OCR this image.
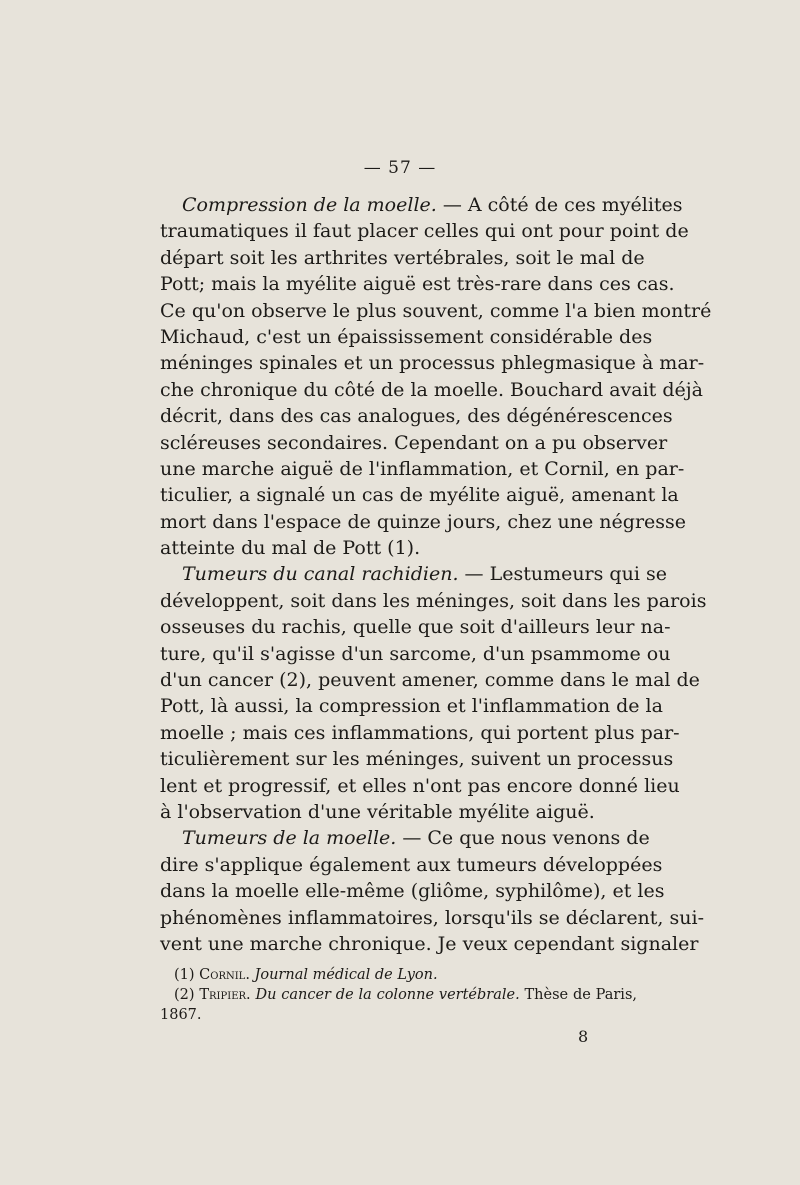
— 57 —
Compression de la moelle. — A côté de ces myélites
traumatiques il faut placer celles qui ont pour point de
départ soit les arthrites vertébrales, soit le mal de
Pott; mais la myélite aiguë est très-rare dans ces cas.
Ce qu'on observe le plus souvent, comme l'a bien montré
Michaud, c'est un épaississement considérable des
méninges spinales et un processus phlegmasique à mar-
che chronique du côté de la moelle. Bouchard avait déjà
décrit, dans des cas analogues, des dégénérescences
scléreuses secondaires. Cependant on a pu observer
une marche aiguë de l'inflammation, et Cornil, en par-
ticulier, a signalé un cas de myélite aiguë, amenant la
mort dans l'espace de quinze jours, chez une négresse
atteinte du mal de Pott (1).
Tumeurs du canal rachidien. — Lestumeurs qui se
développent, soit dans les méninges, soit dans les parois
osseuses du rachis, quelle que soit d'ailleurs leur na-
ture, qu'il s'agisse d'un sarcome, d'un psammome ou
d'un cancer (2), peuvent amener, comme dans le mal de
Pott, là aussi, la compression et l'inflammation de la
moelle ; mais ces inflammations, qui portent plus par-
ticulièrement sur les méninges, suivent un processus
lent et progressif, et elles n'ont pas encore donné lieu
à l'observation d'une véritable myélite aiguë.
Tumeurs de la moelle. — Ce que nous venons de
dire s'applique également aux tumeurs développées
dans la moelle elle-même (gliôme, syphilôme), et les
phénomènes inflammatoires, lorsqu'ils se déclarent, sui-
vent une marche chronique. Je veux cependant signaler
(1) Cornil. Journal médical de Lyon.
(2) Tripier. Du cancer de la colonne vertébrale. Thèse de Paris,
1867.
8
